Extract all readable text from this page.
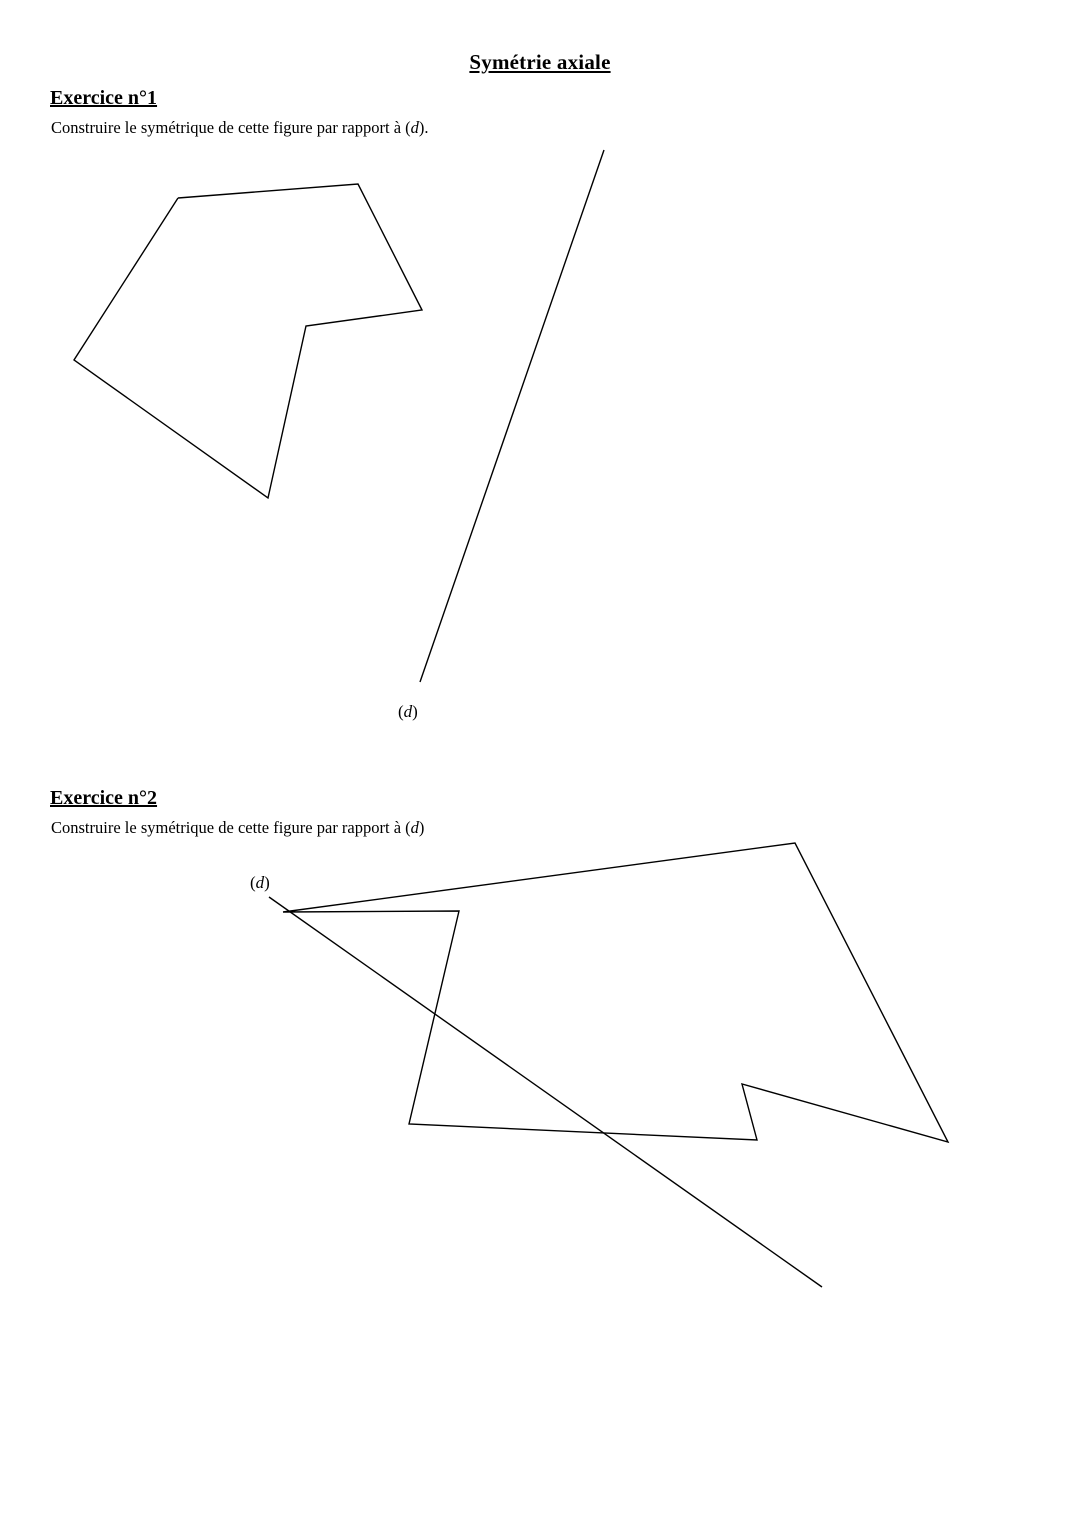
Symétrie axiale
Exercice n°1
Construire le symétrique de cette figure par rapport à (d).
(d)
Exercice n°2
Construire le symétrique de cette figure par rapport à (d)
(d)
